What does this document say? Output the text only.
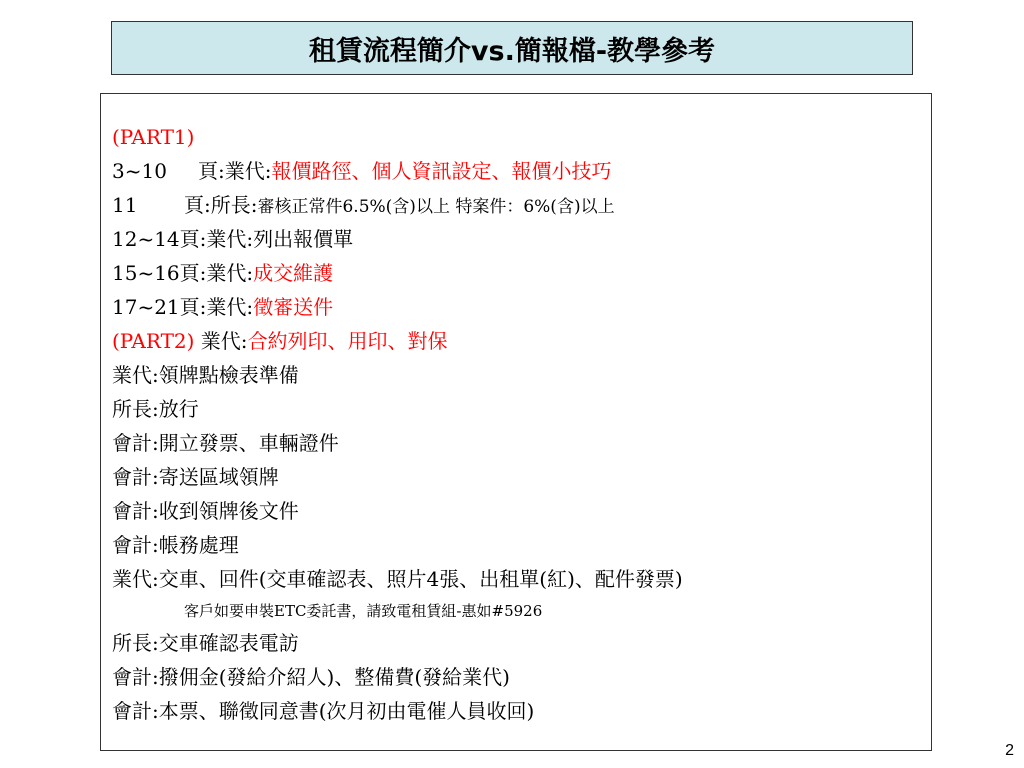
租賃流程簡介vs.簡報檔-教學參考
(PART1)
3~10 頁:業代:報價路徑、個人資訊設定、報價小技巧
11 頁:所長:審核正常件6.5%(含)以上 特案件：6%(含)以上
12~14頁:業代:列出報價單
15~16頁:業代:成交維護
17~21頁:業代:徵審送件
(PART2) 業代:合約列印、用印、對保
業代:領牌點檢表準備
所長:放行
會計:開立發票、車輛證件
會計:寄送區域領牌
會計:收到領牌後文件
會計:帳務處理
業代:交車、回件(交車確認表、照片4張、出租單(紅)、配件發票)
客戶如要申裝ETC委託書，請致電租賃組-惠如#5926
所長:交車確認表電訪
會計:撥佣金(發給介紹人)、整備費(發給業代)
會計:本票、聯徵同意書(次月初由電催人員收回)
2
